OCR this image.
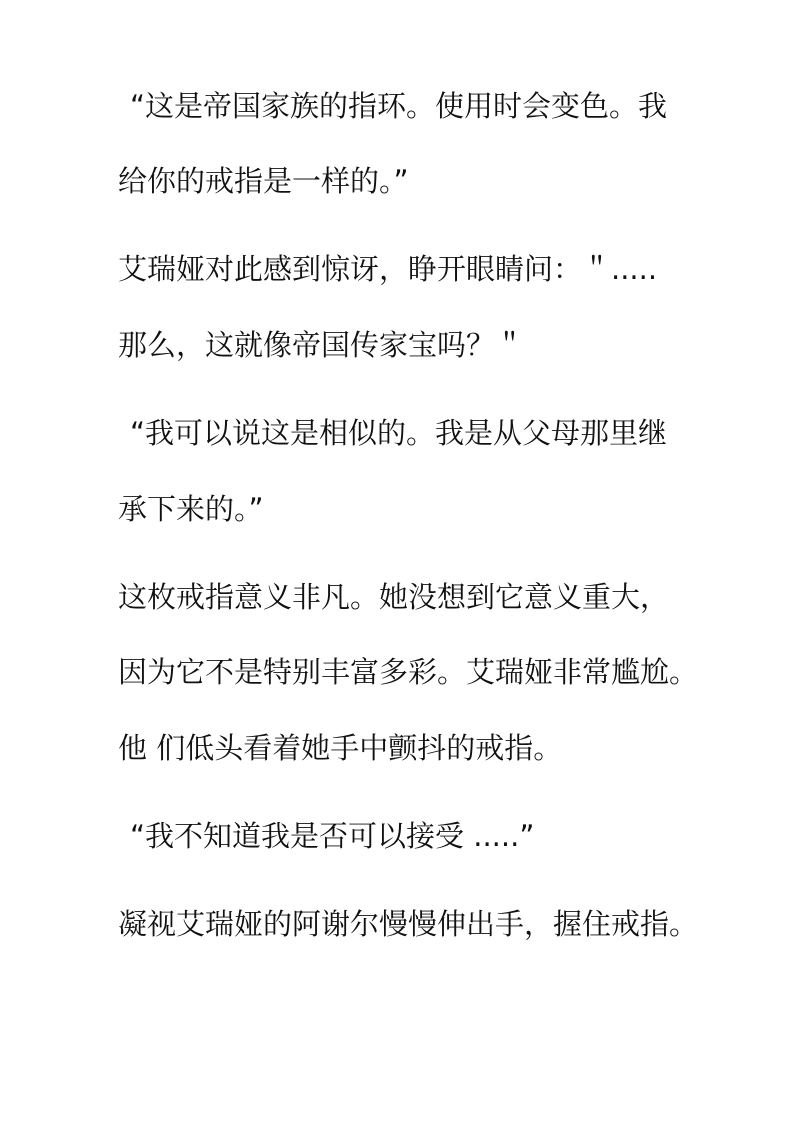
“这是帝国家族的指环。使用时会变色。我
给你的戒指是一样的。”
艾瑞娅对此感到惊讶，睁开眼睛问：＂.....
那么，这就像帝国传家宝吗？＂
“我可以说这是相似的。我是从父母那里继
承下来的。”
这枚戒指意义非凡。她没想到它意义重大，
因为它不是特别丰富多彩。艾瑞娅非常尴尬。
他 们低头看着她手中颤抖的戒指。
“我不知道我是否可以接受 .....”
凝视艾瑞娅的阿谢尔慢慢伸出手，握住戒指。
